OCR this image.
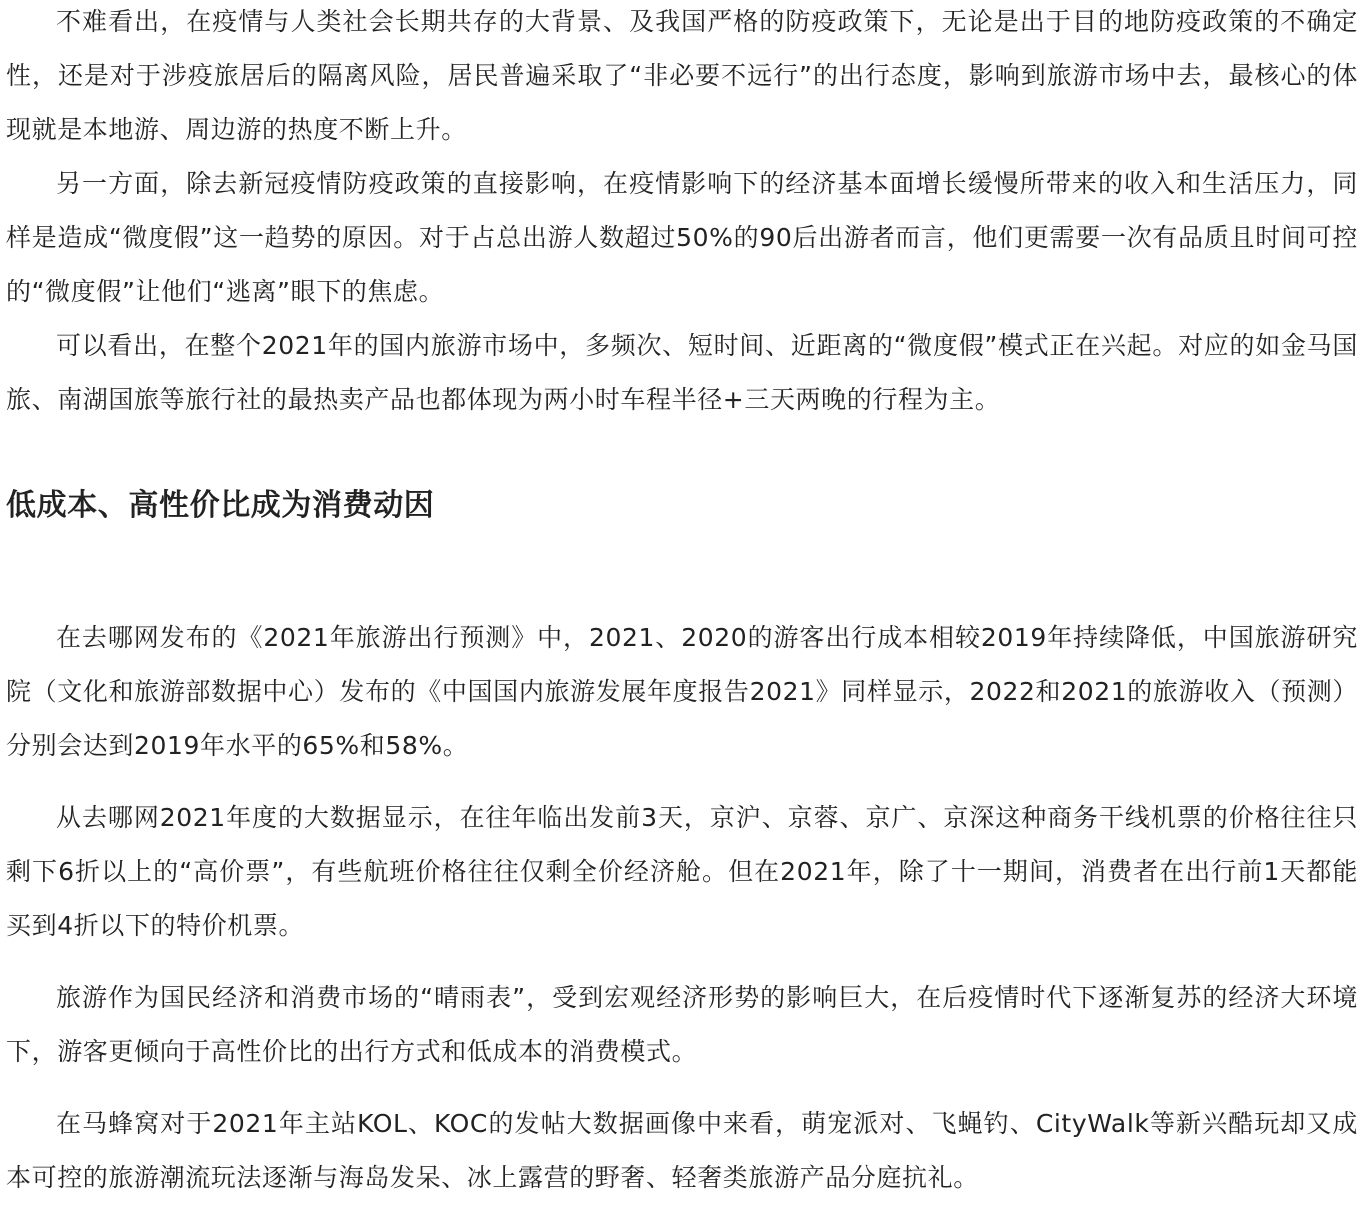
不难看出，在疫情与人类社会长期共存的大背景、及我国严格的防疫政策下，无论是出于目的地防疫政策的不确定性，还是对于涉疫旅居后的隔离风险，居民普遍采取了“非必要不远行”的出行态度，影响到旅游市场中去，最核心的体现就是本地游、周边游的热度不断上升。

另一方面，除去新冠疫情防疫政策的直接影响，在疫情影响下的经济基本面增长缓慢所带来的收入和生活压力，同样是造成“微度假”这一趋势的原因。对于占总出游人数超过50%的90后出游者而言，他们更需要一次有品质且时间可控的“微度假”让他们“逃离”眼下的焦虑。

可以看出，在整个2021年的国内旅游市场中，多频次、短时间、近距离的“微度假”模式正在兴起。对应的如金马国旅、南湖国旅等旅行社的最热卖产品也都体现为两小时车程半径+三天两晚的行程为主。

低成本、高性价比成为消费动因

在去哪网发布的《2021年旅游出行预测》中，2021、2020的游客出行成本相较2019年持续降低，中国旅游研究院（文化和旅游部数据中心）发布的《中国国内旅游发展年度报告2021》同样显示，2022和2021的旅游收入（预测）分别会达到2019年水平的65%和58%。

从去哪网2021年度的大数据显示，在往年临出发前3天，京沪、京蓉、京广、京深这种商务干线机票的价格往往只剩下6折以上的“高价票”，有些航班价格往往仅剩全价经济舱。但在2021年，除了十一期间，消费者在出行前1天都能买到4折以下的特价机票。

旅游作为国民经济和消费市场的“晴雨表”，受到宏观经济形势的影响巨大，在后疫情时代下逐渐复苏的经济大环境下，游客更倾向于高性价比的出行方式和低成本的消费模式。

在马蜂窝对于2021年主站KOL、KOC的发帖大数据画像中来看，萌宠派对、飞蝇钓、CityWalk等新兴酷玩却又成本可控的旅游潮流玩法逐渐与海岛发呆、冰上露营的野奢、轻奢类旅游产品分庭抗礼。
